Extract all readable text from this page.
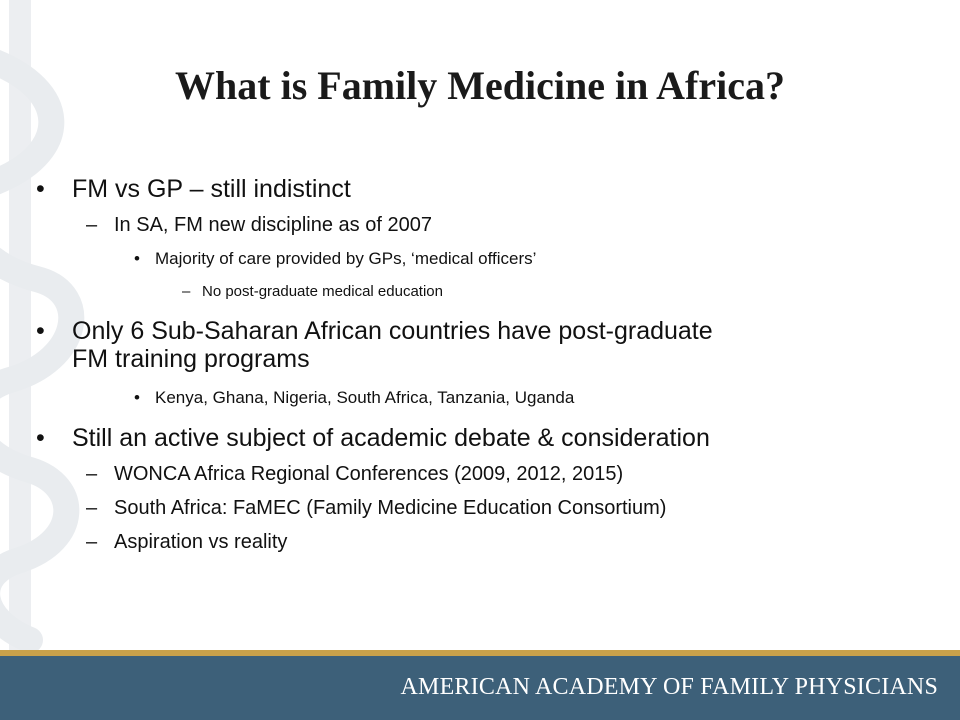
What is Family Medicine in Africa?
• FM vs GP – still indistinct
– In SA, FM new discipline as of 2007
• Majority of care provided by GPs, ‘medical officers’
– No post-graduate medical education
• Only 6 Sub-Saharan African countries have post-graduate
FM training programs
• Kenya, Ghana, Nigeria, South Africa, Tanzania, Uganda
• Still an active subject of academic debate & consideration
– WONCA Africa Regional Conferences (2009, 2012, 2015)
– South Africa: FaMEC (Family Medicine Education Consortium)
– Aspiration vs reality
AMERICAN ACADEMY OF FAMILY PHYSICIANS
